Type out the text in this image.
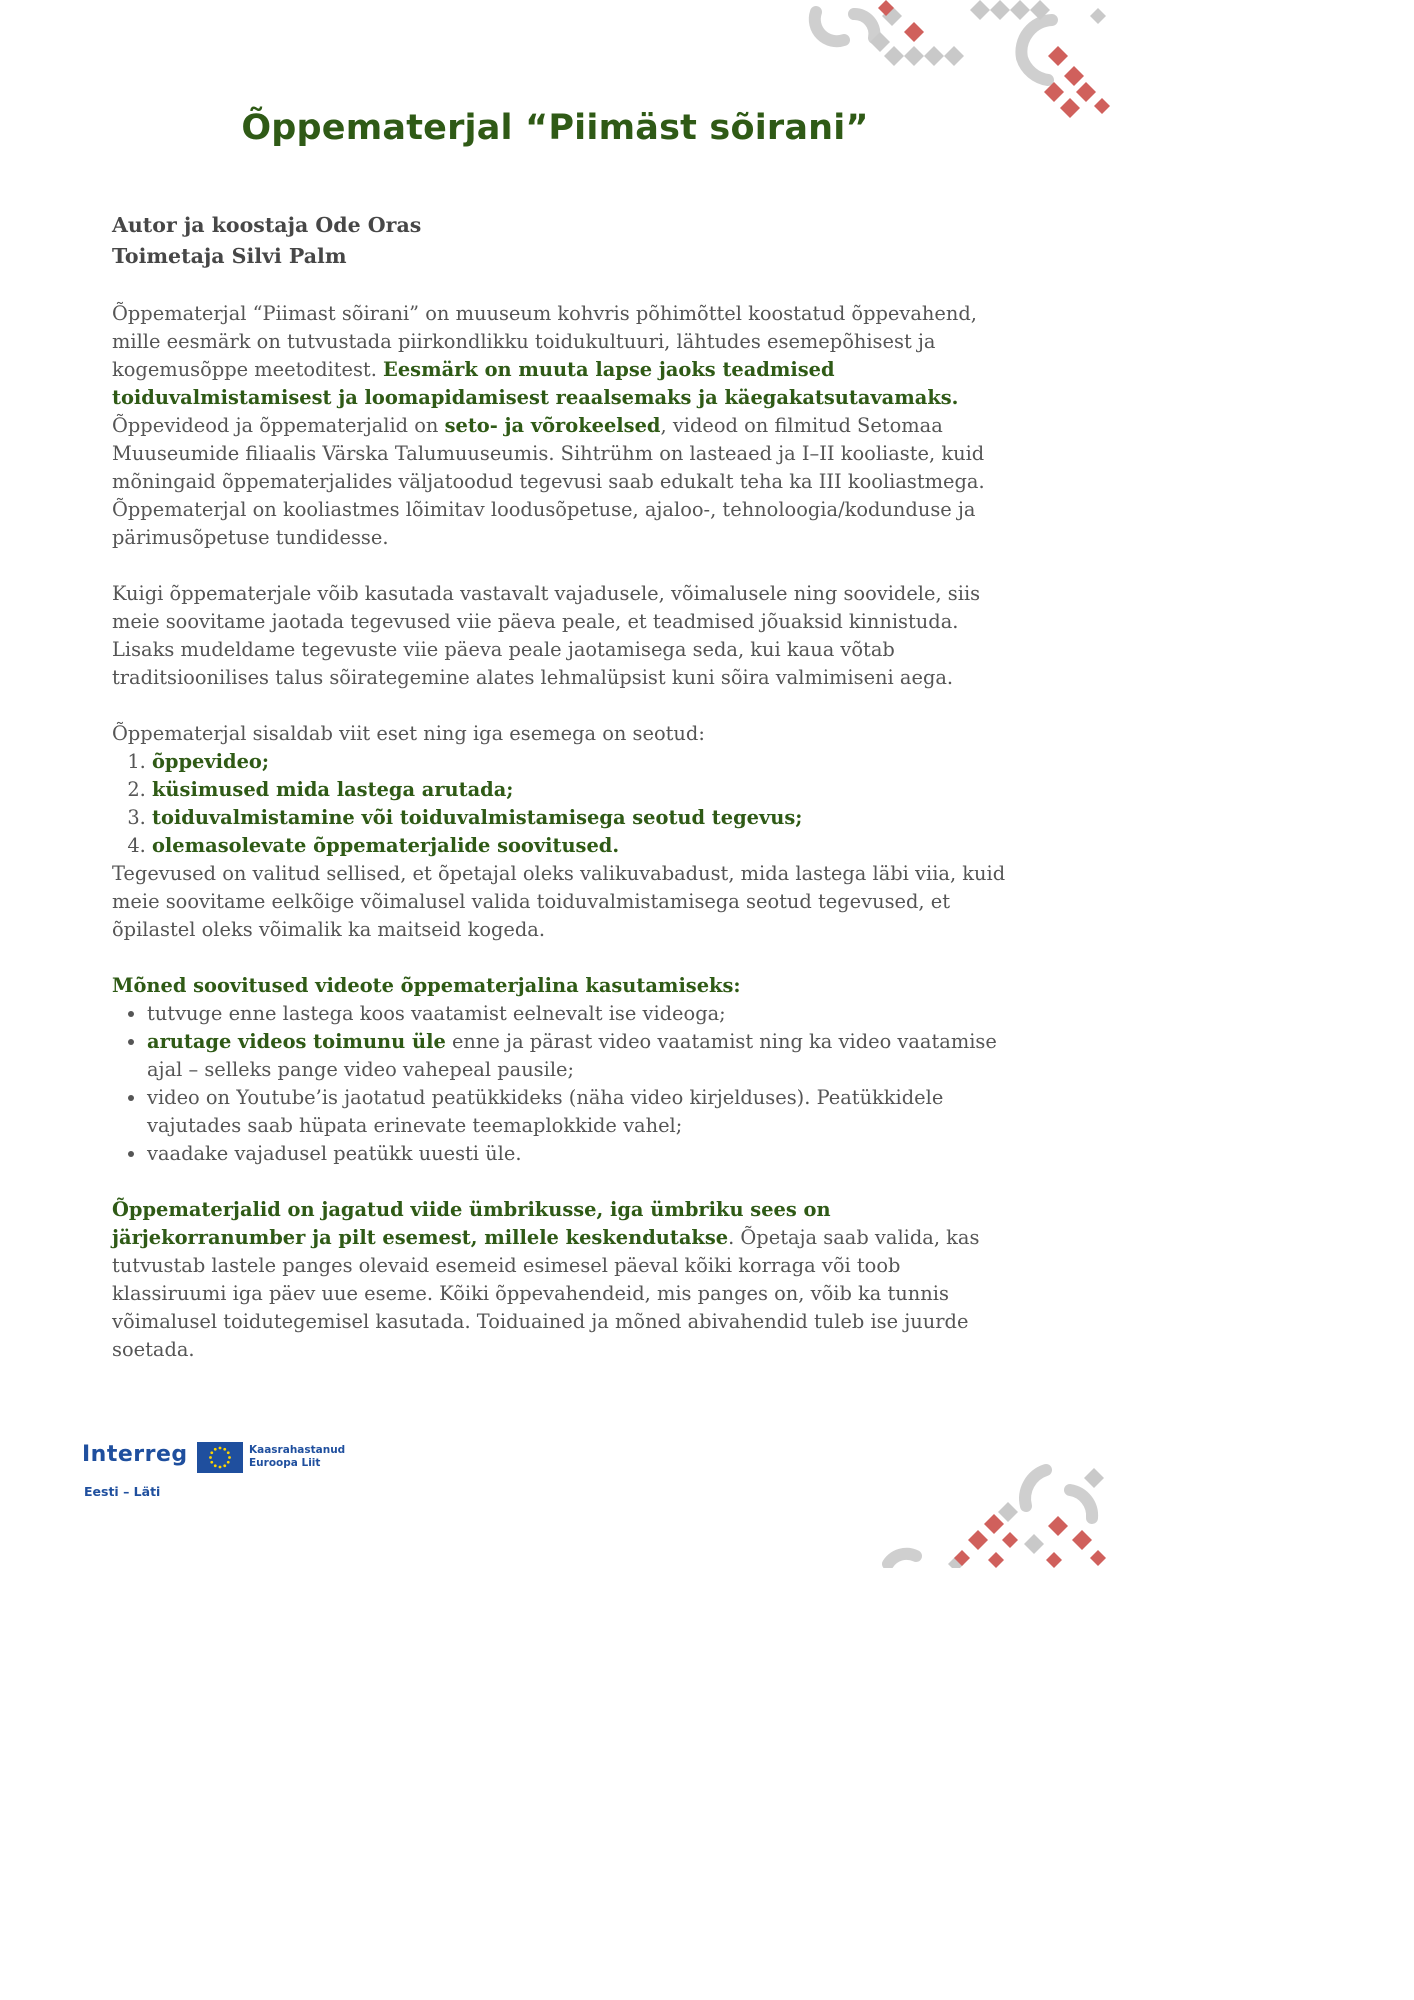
Õppematerjal “Piimäst sõirani”
Autor ja koostaja Ode Oras
Toimetaja Silvi Palm

Õppematerjal “Piimast sõirani” on muuseum kohvris põhimõttel koostatud õppevahend, mille eesmärk on tutvustada piirkondlikku toidukultuuri, lähtudes esemepõhisest ja kogemusõppe meetoditest. Eesmärk on muuta lapse jaoks teadmised toiduvalmistamisest ja loomapidamisest reaalsemaks ja käegakatsutavamaks. Õppevideod ja õppematerjalid on seto- ja võrokeelsed, videod on filmitud Setomaa Muuseumide filiaalis Värska Talumuuseumis. Sihtrühm on lasteaed ja I–II kooliaste, kuid mõningaid õppematerjalides väljatoodud tegevusi saab edukalt teha ka III kooliastmega. Õppematerjal on kooliastmes lõimitav loodusõpetuse, ajaloo-, tehnoloogia/kodunduse ja pärimusõpetuse tundidesse.

Kuigi õppematerjale võib kasutada vastavalt vajadusele, võimalusele ning soovidele, siis meie soovitame jaotada tegevused viie päeva peale, et teadmised jõuaksid kinnistuda. Lisaks mudeldame tegevuste viie päeva peale jaotamisega seda, kui kaua võtab traditsioonilises talus sõirategemine alates lehmalüpsist kuni sõira valmimiseni aega.

Õppematerjal sisaldab viit eset ning iga esemega on seotud:

1. õppevideo;
2. küsimused mida lastega arutada;
3. toiduvalmistamine või toiduvalmistamisega seotud tegevus;
4. olemasolevate õppematerjalide soovitused.

Tegevused on valitud sellised, et õpetajal oleks valikuvabadust, mida lastega läbi viia, kuid meie soovitame eelkõige võimalusel valida toiduvalmistamisega seotud tegevused, et õpilastel oleks võimalik ka maitseid kogeda.

Mõned soovitused videote õppematerjalina kasutamiseks:

• tutvuge enne lastega koos vaatamist eelnevalt ise videoga;
• arutage videos toimunu üle enne ja pärast video vaatamist ning ka video vaatamise ajal – selleks pange video vahepeal pausile;
• video on Youtube’is jaotatud peatükkideks (näha video kirjelduses). Peatükkidele vajutades saab hüpata erinevate teemaplokkide vahel;
• vaadake vajadusel peatükk uuesti üle.

Õppematerjalid on jagatud viide ümbrikusse, iga ümbriku sees on järjekorranumber ja pilt esemest, millele keskendutakse. Õpetaja saab valida, kas tutvustab lastele panges olevaid esemeid esimesel päeval kõiki korraga või toob klassiruumi iga päev uue eseme. Kõiki õppevahendeid, mis panges on, võib ka tunnis võimalusel toidutegemisel kasutada. Toiduained ja mõned abivahendid tuleb ise juurde soetada.

Interreg
Eesti – Läti
Kaasrahastanud
Euroopa Liit
